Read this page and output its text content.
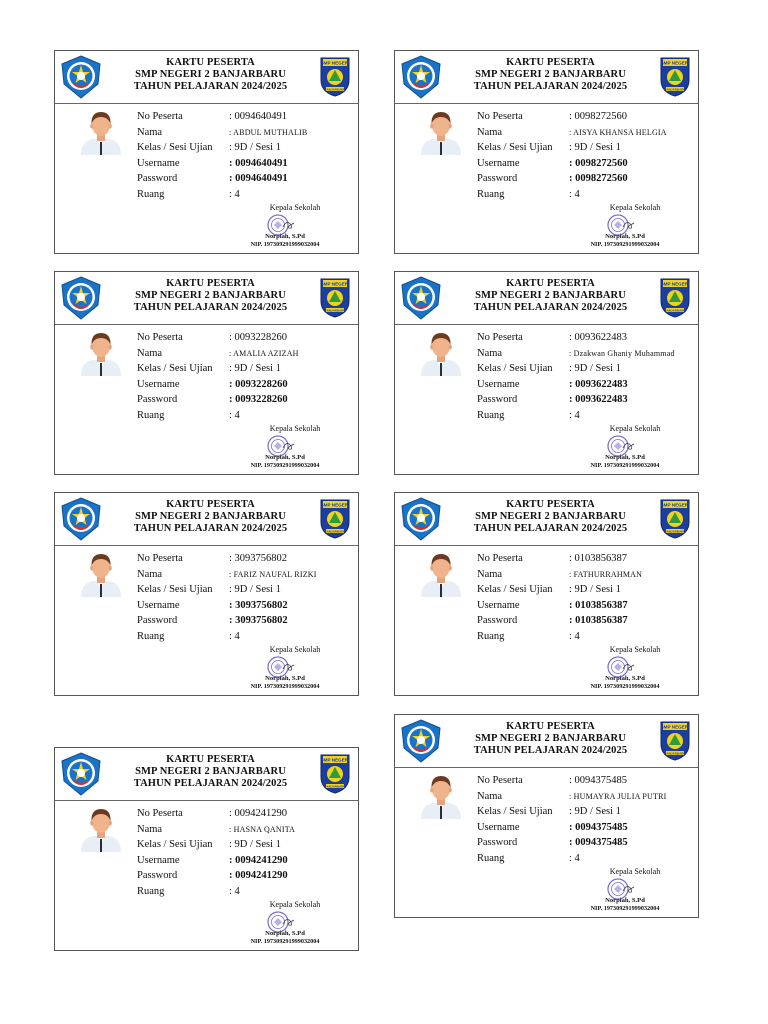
KARTU PESERTA
SMP NEGERI 2 BANJARBARU
TAHUN PELAJARAN 2024/2025
SMP NEGERI
BANJARBARU
No Peserta	: 0094640491
Nama	: ABDUL MUTHALIB
Kelas / Sesi Ujian : 9D / Sesi 1
Username	: 0094640491
Password	: 0094640491
Ruang	: 4
Kepala Sekolah
Norpiah, S.Pd
NIP. 197309291999032004
KARTU PESERTA
SMP NEGERI 2 BANJARBARU
TAHUN PELAJARAN 2024/2025
SMP NEGERI
BANJARBARU
No Peserta	: 0098272560
Nama	: AISYA KHANSA HELGIA
Kelas / Sesi Ujian : 9D / Sesi 1
Username	: 0098272560
Password	: 0098272560
Ruang	: 4
Kepala Sekolah
Norpiah, S.Pd
NIP. 197309291999032004
KARTU PESERTA
SMP NEGERI 2 BANJARBARU
TAHUN PELAJARAN 2024/2025
SMP NEGERI
BANJARBARU
No Peserta	: 0093228260
Nama	: AMALIA AZIZAH
Kelas / Sesi Ujian : 9D / Sesi 1
Username	: 0093228260
Password	: 0093228260
Ruang	: 4
Kepala Sekolah
Norpiah, S.Pd
NIP. 197309291999032004
KARTU PESERTA
SMP NEGERI 2 BANJARBARU
TAHUN PELAJARAN 2024/2025
SMP NEGERI
BANJARBARU
No Peserta	: 0093622483
Nama	: Dzakwan Ghaniy Muhammad
Kelas / Sesi Ujian : 9D / Sesi 1
Username	: 0093622483
Password	: 0093622483
Ruang	: 4
Kepala Sekolah
Norpiah, S.Pd
NIP. 197309291999032004
KARTU PESERTA
SMP NEGERI 2 BANJARBARU
TAHUN PELAJARAN 2024/2025
SMP NEGERI
BANJARBARU
No Peserta	: 3093756802
Nama	: FARIZ NAUFAL RIZKI
Kelas / Sesi Ujian : 9D / Sesi 1
Username	: 3093756802
Password	: 3093756802
Ruang	: 4
Kepala Sekolah
Norpiah, S.Pd
NIP. 197309291999032004
KARTU PESERTA
SMP NEGERI 2 BANJARBARU
TAHUN PELAJARAN 2024/2025
SMP NEGERI
BANJARBARU
No Peserta	: 0103856387
Nama	: FATHURRAHMAN
Kelas / Sesi Ujian : 9D / Sesi 1
Username	: 0103856387
Password	: 0103856387
Ruang	: 4
Kepala Sekolah
Norpiah, S.Pd
NIP. 197309291999032004
KARTU PESERTA
SMP NEGERI 2 BANJARBARU
TAHUN PELAJARAN 2024/2025
SMP NEGERI
BANJARBARU
No Peserta	: 0094241290
Nama	: HASNA QANITA
Kelas / Sesi Ujian : 9D / Sesi 1
Username	: 0094241290
Password	: 0094241290
Ruang	: 4
Kepala Sekolah
Norpiah, S.Pd
NIP. 197309291999032004
KARTU PESERTA
SMP NEGERI 2 BANJARBARU
TAHUN PELAJARAN 2024/2025
SMP NEGERI
BANJARBARU
No Peserta	: 0094375485
Nama	: HUMAYRA JULIA PUTRI
Kelas / Sesi Ujian : 9D / Sesi 1
Username	: 0094375485
Password	: 0094375485
Ruang	: 4
Kepala Sekolah
Norpiah, S.Pd
NIP. 197309291999032004
